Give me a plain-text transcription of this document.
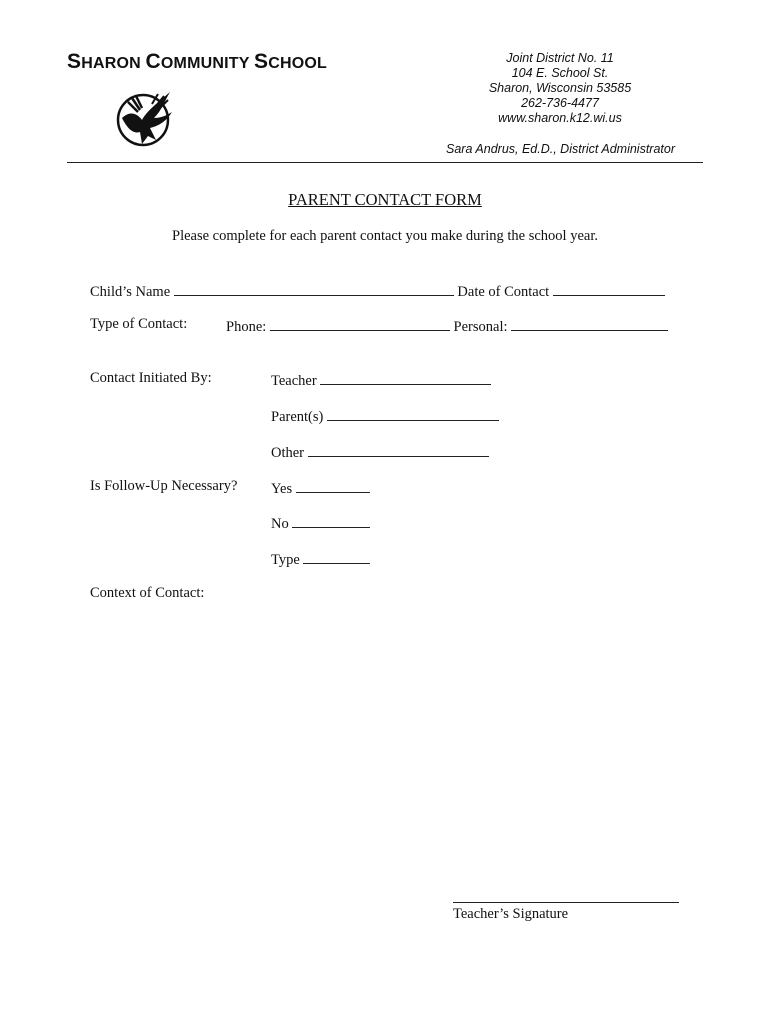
SHARON COMMUNITY SCHOOL	Joint District No. 11
104 E. School St.
Sharon, Wisconsin 53585
262-736-4477
www.sharon.k12.wi.us
Sara Andrus, Ed.D., District Administrator
PARENT CONTACT FORM
Please complete for each parent contact you make during the school year.
Child’s Name	Date of Contact
Type of Contact:	Phone:	Personal:
Contact Initiated By:	Teacher
Parent(s)
Other
Is Follow-Up Necessary? Yes
No
Type
Context of Contact:
Teacher’s Signature
